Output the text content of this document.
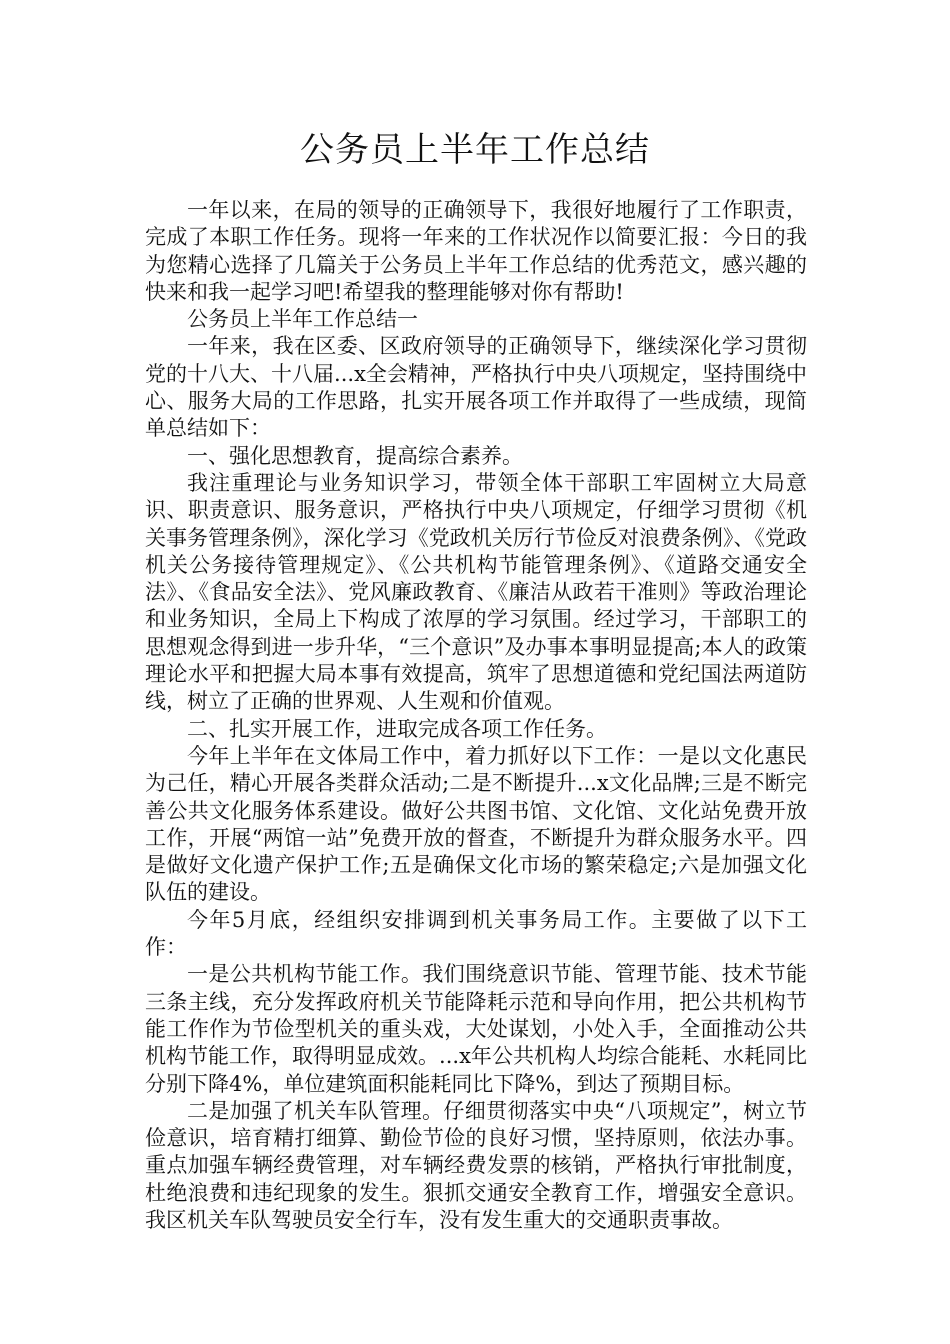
公务员上半年工作总结

一年以来，在局的领导的正确领导下，我很好地履行了工作职责，完成了本职工作任务。现将一年来的工作状况作以简要汇报：今日的我为您精心选择了几篇关于公务员上半年工作总结的优秀范文，感兴趣的快来和我一起学习吧!希望我的整理能够对你有帮助!

公务员上半年工作总结一

一年来，我在区委、区政府领导的正确领导下，继续深化学习贯彻党的十八大、十八届...x全会精神，严格执行中央八项规定，坚持围绕中心、服务大局的工作思路，扎实开展各项工作并取得了一些成绩，现简单总结如下：

一、强化思想教育，提高综合素养。

我注重理论与业务知识学习，带领全体干部职工牢固树立大局意识、职责意识、服务意识，严格执行中央八项规定，仔细学习贯彻《机关事务管理条例》，深化学习《党政机关厉行节俭反对浪费条例》、《党政机关公务接待管理规定》、《公共机构节能管理条例》、《道路交通安全法》、《食品安全法》、党风廉政教育、《廉洁从政若干准则》等政治理论和业务知识，全局上下构成了浓厚的学习氛围。经过学习，干部职工的思想观念得到进一步升华，“三个意识”及办事本事明显提高;本人的政策理论水平和把握大局本事有效提高，筑牢了思想道德和党纪国法两道防线，树立了正确的世界观、人生观和价值观。

二、扎实开展工作，进取完成各项工作任务。

今年上半年在文体局工作中，着力抓好以下工作：一是以文化惠民为己任，精心开展各类群众活动;二是不断提升...x文化品牌;三是不断完善公共文化服务体系建设。做好公共图书馆、文化馆、文化站免费开放工作，开展“两馆一站”免费开放的督查，不断提升为群众服务水平。四是做好文化遗产保护工作;五是确保文化市场的繁荣稳定;六是加强文化队伍的建设。

今年5月底，经组织安排调到机关事务局工作。主要做了以下工作：

一是公共机构节能工作。我们围绕意识节能、管理节能、技术节能三条主线，充分发挥政府机关节能降耗示范和导向作用，把公共机构节能工作作为节俭型机关的重头戏，大处谋划，小处入手，全面推动公共机构节能工作，取得明显成效。...x年公共机构人均综合能耗、水耗同比分别下降4%，单位建筑面积能耗同比下降%，到达了预期目标。

二是加强了机关车队管理。仔细贯彻落实中央“八项规定”，树立节俭意识，培育精打细算、勤俭节俭的良好习惯，坚持原则，依法办事。重点加强车辆经费管理，对车辆经费发票的核销，严格执行审批制度，杜绝浪费和违纪现象的发生。狠抓交通安全教育工作，增强安全意识。我区机关车队驾驶员安全行车，没有发生重大的交通职责事故。
